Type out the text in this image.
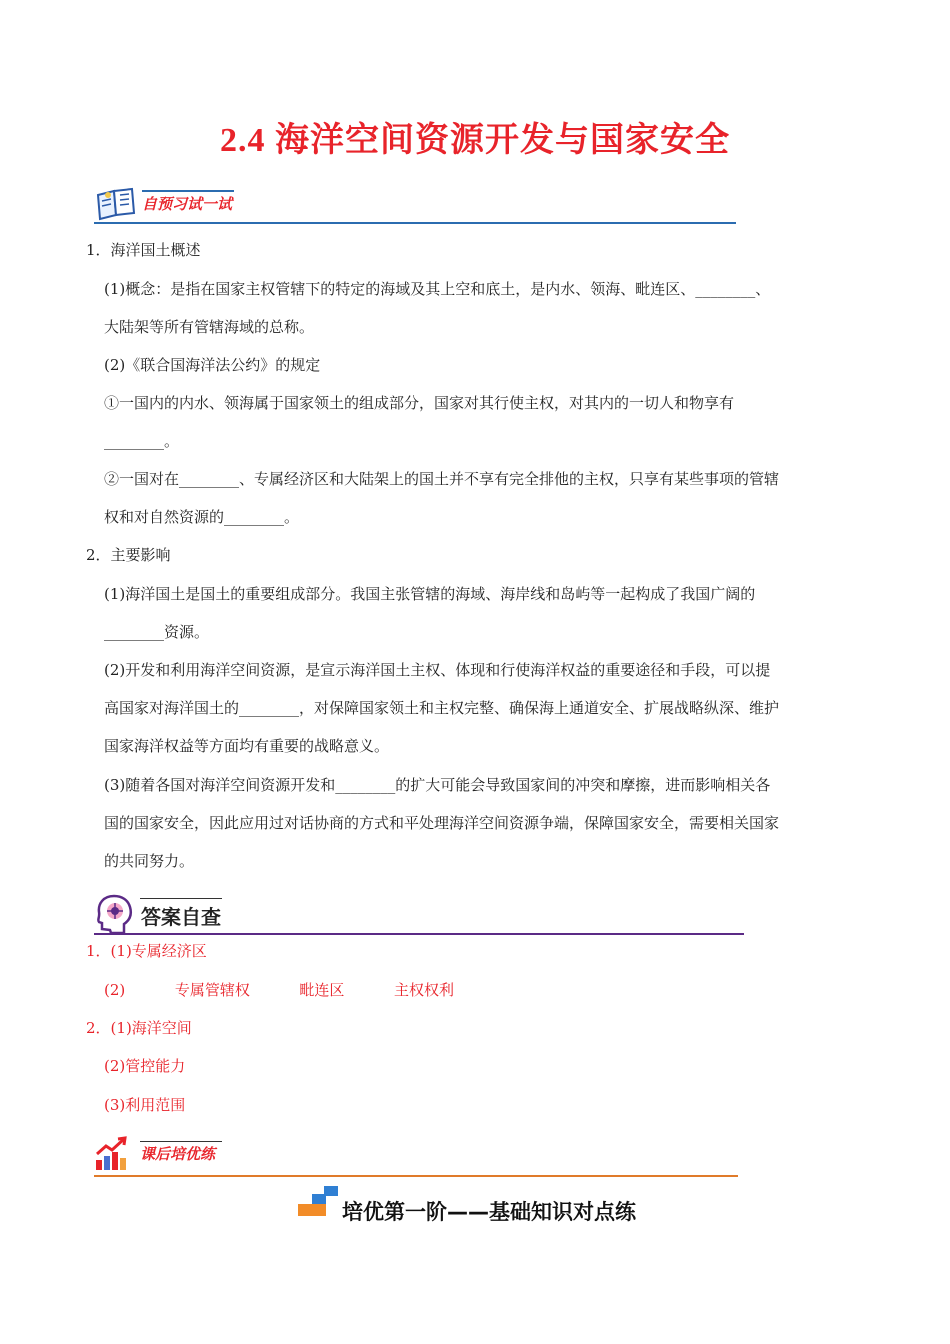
2.4 海洋空间资源开发与国家安全
自预习试一试
1．海洋国土概述
(1)概念：是指在国家主权管辖下的特定的海域及其上空和底土，是内水、领海、毗连区、________、
大陆架等所有管辖海域的总称。
(2)《联合国海洋法公约》的规定
①一国内的内水、领海属于国家领土的组成部分，国家对其行使主权，对其内的一切人和物享有
________。
②一国对在________、专属经济区和大陆架上的国土并不享有完全排他的主权，只享有某些事项的管辖
权和对自然资源的________。
2．主要影响
(1)海洋国土是国土的重要组成部分。我国主张管辖的海域、海岸线和岛屿等一起构成了我国广阔的
________资源。
(2)开发和利用海洋空间资源，是宣示海洋国土主权、体现和行使海洋权益的重要途径和手段，可以提
高国家对海洋国土的________，对保障国家领土和主权完整、确保海上通道安全、扩展战略纵深、维护
国家海洋权益等方面均有重要的战略意义。
(3)随着各国对海洋空间资源开发和________的扩大可能会导致国家间的冲突和摩擦，进而影响相关各
国的国家安全，因此应用过对话协商的方式和平处理海洋空间资源争端，保障国家安全，需要相关国家
的共同努力。
答案自查
1．(1)专属经济区
(2)	专属管辖权	毗连区	主权权利
2．(1)海洋空间
(2)管控能力
(3)利用范围
课后培优练
培优第一阶——基础知识对点练
